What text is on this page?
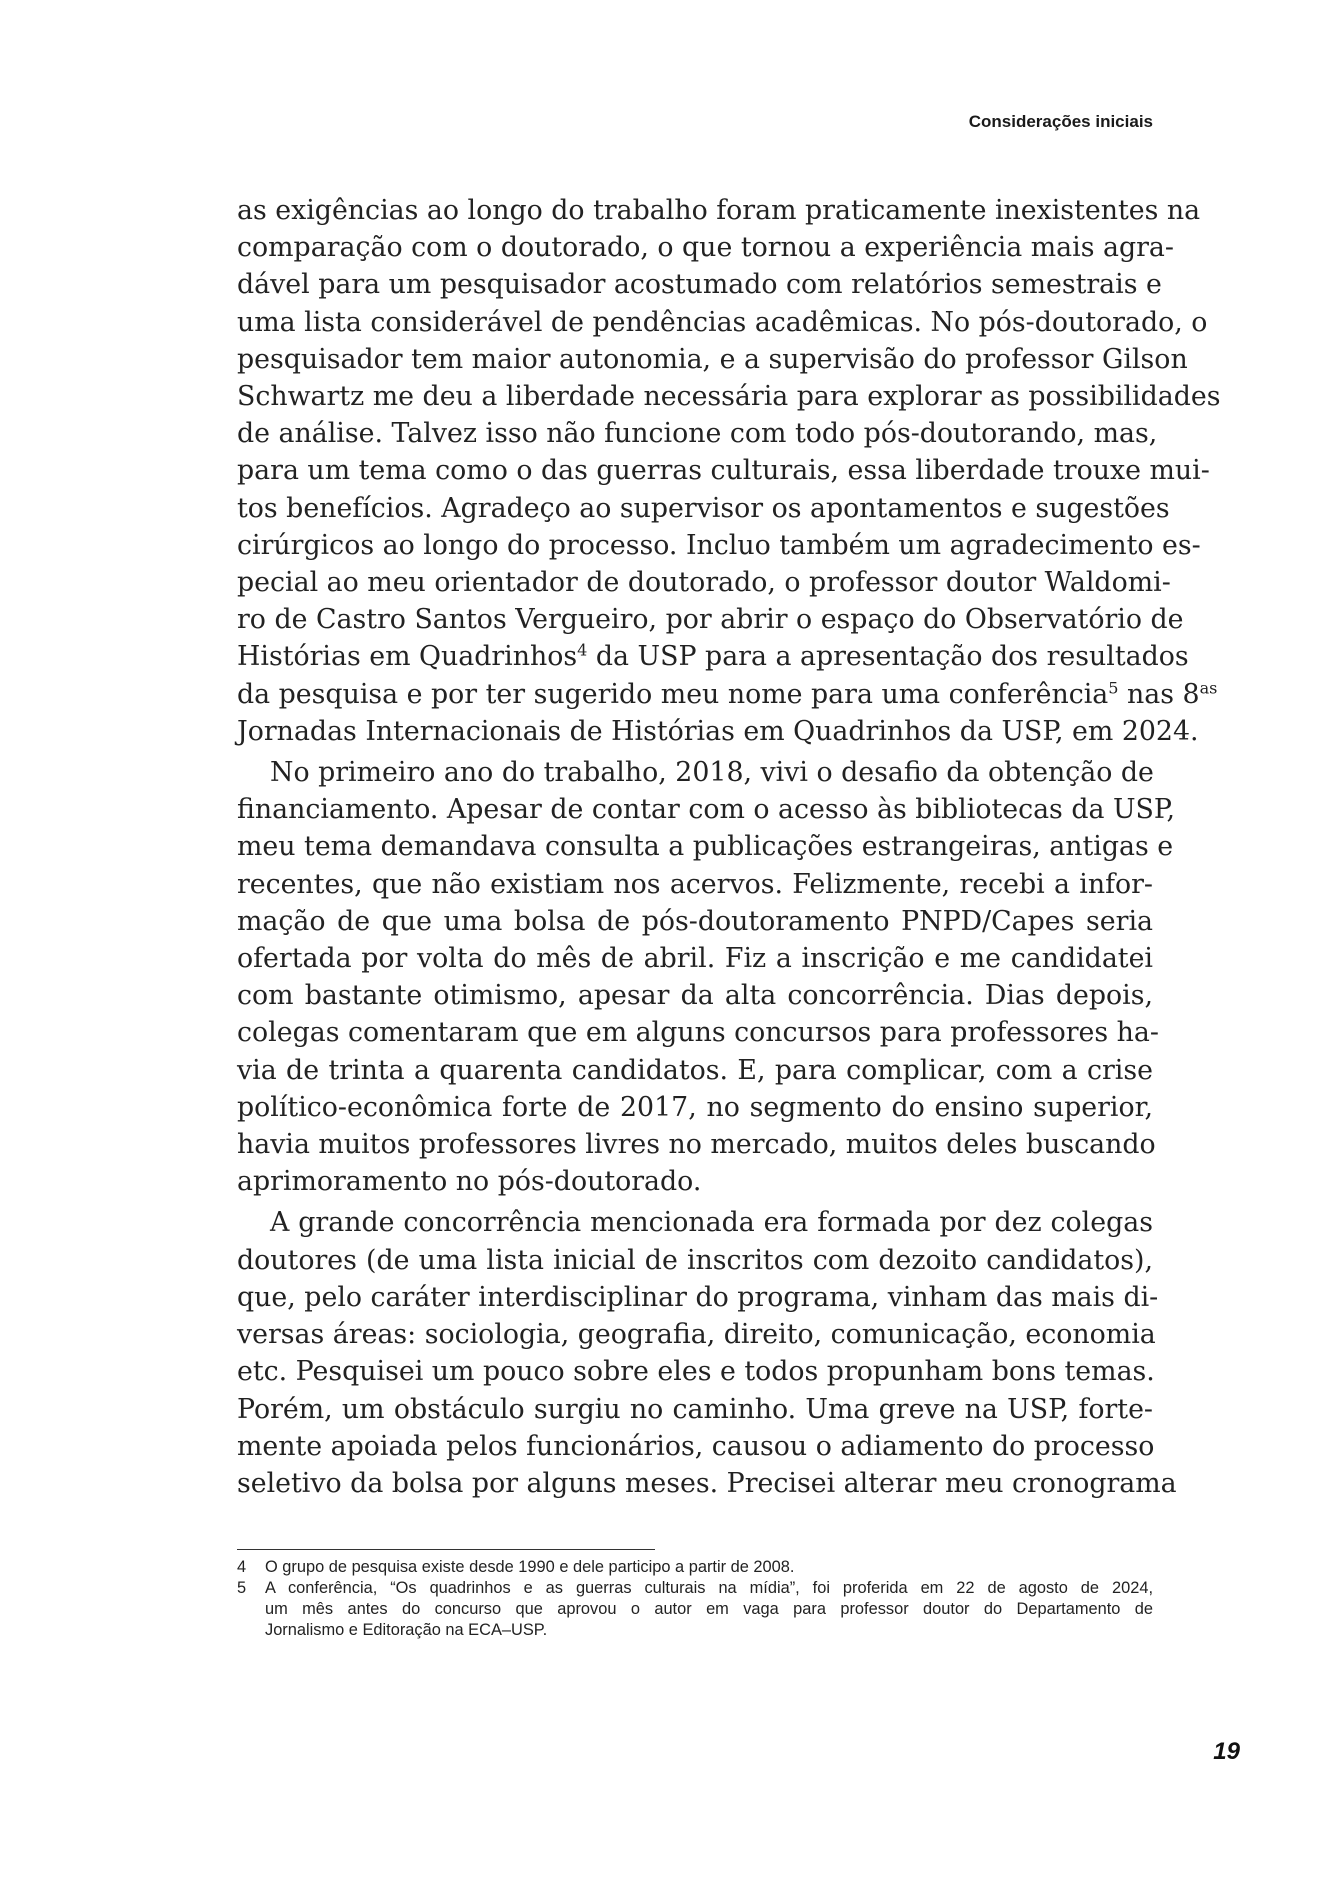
Considerações iniciais

as exigências ao longo do trabalho foram praticamente inexistentes na
comparação com o doutorado, o que tornou a experiência mais agra-
dável para um pesquisador acostumado com relatórios semestrais e
uma lista considerável de pendências acadêmicas. No pós-doutorado, o
pesquisador tem maior autonomia, e a supervisão do professor Gilson
Schwartz me deu a liberdade necessária para explorar as possibilidades
de análise. Talvez isso não funcione com todo pós-doutorando, mas,
para um tema como o das guerras culturais, essa liberdade trouxe mui-
tos benefícios. Agradeço ao supervisor os apontamentos e sugestões
cirúrgicos ao longo do processo. Incluo também um agradecimento es-
pecial ao meu orientador de doutorado, o professor doutor Waldomi-
ro de Castro Santos Vergueiro, por abrir o espaço do Observatório de
Histórias em Quadrinhos$^4$ da USP para a apresentação dos resultados
da pesquisa e por ter sugerido meu nome para uma conferência$^5$ nas $8^{as}$
Jornadas Internacionais de Histórias em Quadrinhos da USP, em 2024.

No primeiro ano do trabalho, 2018, vivi o desafio da obtenção de
financiamento. Apesar de contar com o acesso às bibliotecas da USP,
meu tema demandava consulta a publicações estrangeiras, antigas e
recentes, que não existiam nos acervos. Felizmente, recebi a infor-
mação de que uma bolsa de pós-doutoramento PNPD/Capes seria
ofertada por volta do mês de abril. Fiz a inscrição e me candidatei
com bastante otimismo, apesar da alta concorrência. Dias depois,
colegas comentaram que em alguns concursos para professores ha-
via de trinta a quarenta candidatos. E, para complicar, com a crise
político-econômica forte de 2017, no segmento do ensino superior,
havia muitos professores livres no mercado, muitos deles buscando
aprimoramento no pós-doutorado.

A grande concorrência mencionada era formada por dez colegas
doutores (de uma lista inicial de inscritos com dezoito candidatos),
que, pelo caráter interdisciplinar do programa, vinham das mais di-
versas áreas: sociologia, geografia, direito, comunicação, economia
etc. Pesquisei um pouco sobre eles e todos propunham bons temas.
Porém, um obstáculo surgiu no caminho. Uma greve na USP, forte-
mente apoiada pelos funcionários, causou o adiamento do processo
seletivo da bolsa por alguns meses. Precisei alterar meu cronograma

4	O grupo de pesquisa existe desde 1990 e dele participo a partir de 2008.
5	A conferência, “Os quadrinhos e as guerras culturais na mídia”, foi proferida em 22 de agosto de 2024,
um mês antes do concurso que aprovou o autor em vaga para professor doutor do Departamento de
Jornalismo e Editoração na ECA–USP.
19
